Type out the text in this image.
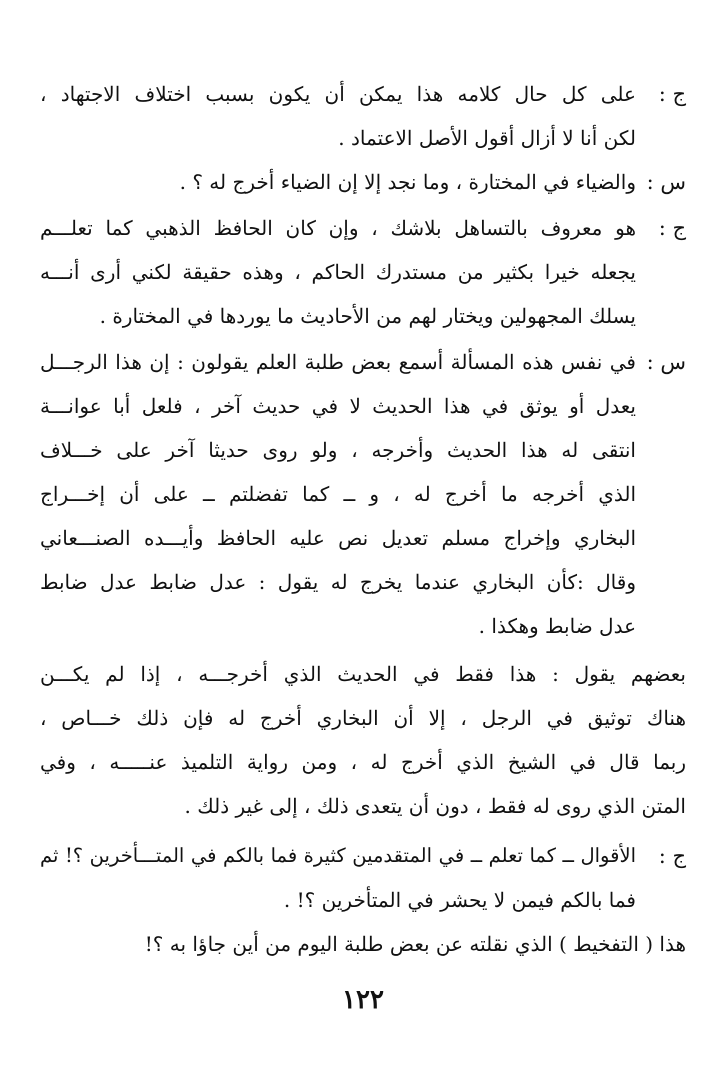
ج :
على كل حال كلامه هذا يمكن أن يكون بسبب اختلاف الاجتهاد ،
لكن أنا لا أزال أقول الأصل الاعتماد .
س :
والضياء في المختارة ، وما نجد إلا إن الضياء أخرج له ؟ .
ج :
هو معروف بالتساهل بلاشك ، وإن كان الحافظ الذهبي كما تعلـــم
يجعله خيرا بكثير من مستدرك الحاكم ، وهذه حقيقة لكني أرى أنـــه
يسلك المجهولين ويختار لهم من الأحاديث ما يوردها في المختارة .
س :
في نفس هذه المسألة أسمع بعض طلبة العلم يقولون : إن هذا الرجـــل
يعدل أو يوثق في هذا الحديث لا في حديث آخر ، فلعل أبا عوانـــة
انتقى له هذا الحديث وأخرجه ، ولو روى حديثا آخر على خـــلاف
الذي أخرجه ما أخرج له ، و ــ كما تفضلتم ــ على أن إخـــراج
البخاري وإخراج مسلم تعديل نص عليه الحافظ وأيـــده الصنـــعاني
وقال :كأن البخاري عندما يخرج له يقول : عدل ضابط عدل ضابط
عدل ضابط وهكذا .
بعضهم يقول : هذا فقط في الحديث الذي أخرجـــه ، إذا لم يكـــن
هناك توثيق في الرجل ، إلا أن البخاري أخرج له فإن ذلك خـــاص ،
ربما قال في الشيخ الذي أخرج له ، ومن رواية التلميذ عنـــــه ، وفي
المتن الذي روى له فقط ، دون أن يتعدى ذلك ، إلى غير ذلك .
ج :
الأقوال ــ كما تعلم ــ في المتقدمين كثيرة فما بالكم في المتـــأخرين ؟! ثم
فما بالكم فيمن لا يحشر في المتأخرين ؟! .
هذا ( التفخيط ) الذي نقلته عن بعض طلبة اليوم من أين جاؤا به ؟!
١٢٢
